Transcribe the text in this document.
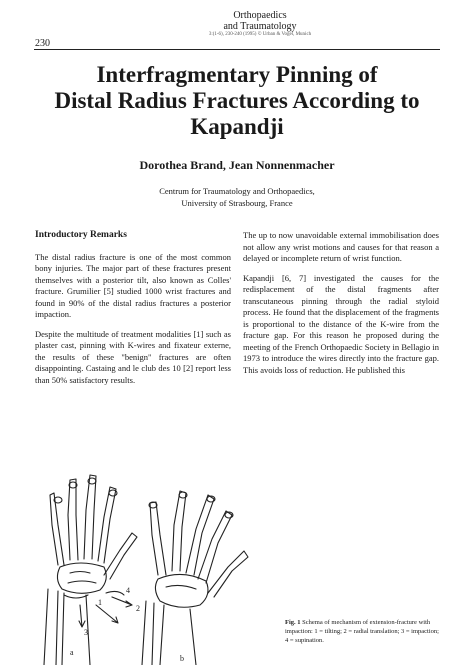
230
Orthopaedics
and Traumatology
3:(1-6), 230-240 (1995) © Urban & Vogel, Munich
Interfragmentary Pinning of
Distal Radius Fractures According to
Kapandji
Dorothea Brand, Jean Nonnenmacher
Centrum for Traumatology and Orthopaedics,
University of Strasbourg, France
Introductory Remarks

The distal radius fracture is one of the most common bony injuries. The major part of these fractures present themselves with a posterior tilt, also known as Colles' fracture. Grumilier [5] studied 1000 wrist fractures and found in 90% of the distal radius fractures a posterior impaction.

Despite the multitude of treatment modalities [1] such as plaster cast, pinning with K-wires and fixateur externe, the results of these "benign" fractures are often disappointing. Castaing and le club des 10 [2] report less than 50% satisfactory results.

The up to now unavoidable external immobilisation does not allow any wrist motions and causes for that reason a delayed or incomplete return of wrist function.

Kapandji [6, 7] investigated the causes for the redisplacement of the distal fragments after transcutaneous pinning through the radial styloid process. He found that the displacement of the fragments is proportional to the distance of the K-wire from the fracture gap. For this reason he proposed during the meeting of the French Orthopaedic Society in Bellagio in 1973 to introduce the wires directly into the fracture gap. This avoids loss of reduction. He published this

4
1
2
3
a
b
Fig. 1 Schema of mechanism of extension-fracture with impaction: 1 = tilting; 2 = radial translation; 3 = impaction; 4 = supination.
